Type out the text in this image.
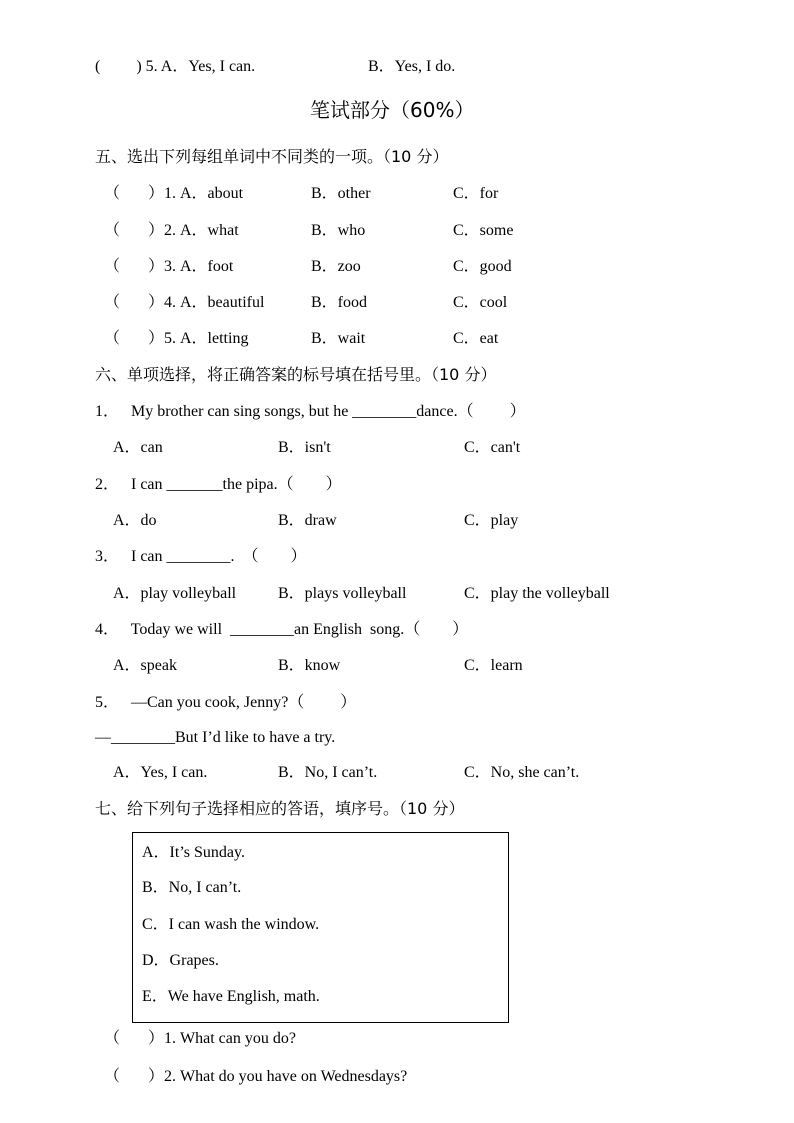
(         ) 5. A．Yes, I can.	B．Yes, I do.
笔试部分（60%）
五、选出下列每组单词中不同类的一项。（10 分）
（       ）1. A．about	B．other	C．for
（       ）2. A．what	B．who	C．some
（       ）3. A．foot	B．zoo	C．good
（       ）4. A．beautiful	B．food	C．cool
（       ）5. A．letting	B．wait	C．eat
六、单项选择，将正确答案的标号填在括号里。（10 分）
1．   My brother can sing songs, but he ________dance.（         ）
A．can	B．isn't	C．can't
2．   I can _______the pipa.（        ）
A．do	B．draw	C．play
3．   I can ________.  （        ）
A．play volleyball	B．plays volleyball	C．play the volleyball
4．   Today we will  ________an English  song.（        ）
A．speak	B．know	C．learn
5．   —Can you cook, Jenny?（         ）
—________But I’d like to have a try.
A．Yes, I can.	B．No, I can’t.	C．No, she can’t.
七、给下列句子选择相应的答语，填序号。（10 分）
A．It’s Sunday.
B．No, I can’t.
C．I can wash the window.
D．Grapes.
E．We have English, math.
（       ）1. What can you do?
（       ）2. What do you have on Wednesdays?
